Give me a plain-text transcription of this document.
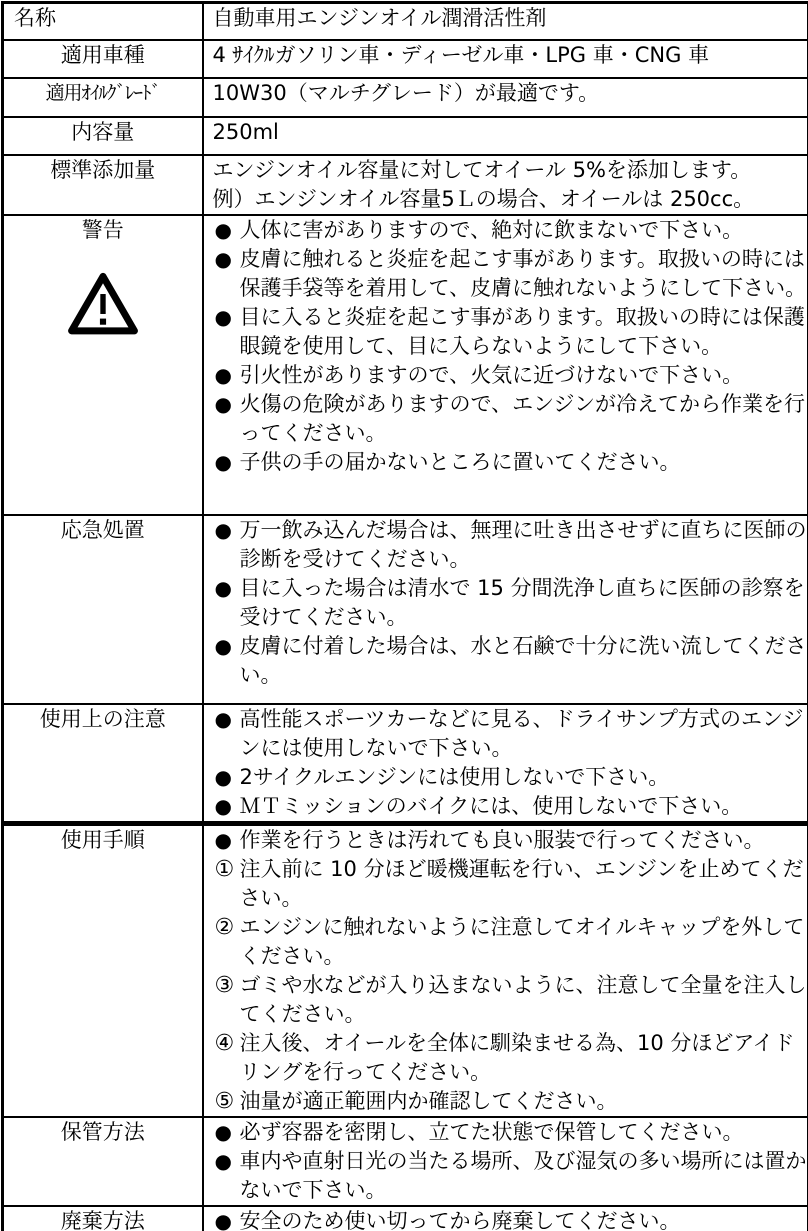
名称	自動車用エンジンオイル潤滑活性剤

適用車種	4 ｻｲｸﾙガソリン車・ディーゼル車・LPG 車・CNG 車

適用ｵｲﾙｸﾞﾚｰﾄﾞ	10W30（マルチグレード）が最適です。

内容量	250ml

標準添加量	エンジンオイル容量に対してオイール 5%を添加します。
例）エンジンオイル容量5Ｌの場合、オイールは 250cc。

警告	● 人体に害がありますので、絶対に飲まないで下さい。
● 皮膚に触れると炎症を起こす事があります。取扱いの時には保護手袋等を着用して、皮膚に触れないようにして下さい。
● 目に入ると炎症を起こす事があります。取扱いの時には保護眼鏡を使用して、目に入らないようにして下さい。
● 引火性がありますので、火気に近づけないで下さい。
● 火傷の危険がありますので、エンジンが冷えてから作業を行ってください。
● 子供の手の届かないところに置いてください。

応急処置	● 万一飲み込んだ場合は、無理に吐き出させずに直ちに医師の診断を受けてください。
● 目に入った場合は清水で 15 分間洗浄し直ちに医師の診察を受けてください。
● 皮膚に付着した場合は、水と石鹸で十分に洗い流してください。

使用上の注意	● 高性能スポーツカーなどに見る、ドライサンプ方式のエンジンには使用しないで下さい。
● 2サイクルエンジンには使用しないで下さい。
● ＭＴミッションのバイクには、使用しないで下さい。

使用手順	● 作業を行うときは汚れても良い服装で行ってください。
① 注入前に 10 分ほど暖機運転を行い、エンジンを止めてください。
② エンジンに触れないように注意してオイルキャップを外してください。
③ ゴミや水などが入り込まないように、注意して全量を注入してください。
④ 注入後、オイールを全体に馴染ませる為、10 分ほどアイドリングを行ってください。
⑤ 油量が適正範囲内か確認してください。

保管方法	● 必ず容器を密閉し、立てた状態で保管してください。
● 車内や直射日光の当たる場所、及び湿気の多い場所には置かないで下さい。

廃棄方法	● 安全のため使い切ってから廃棄してください。
